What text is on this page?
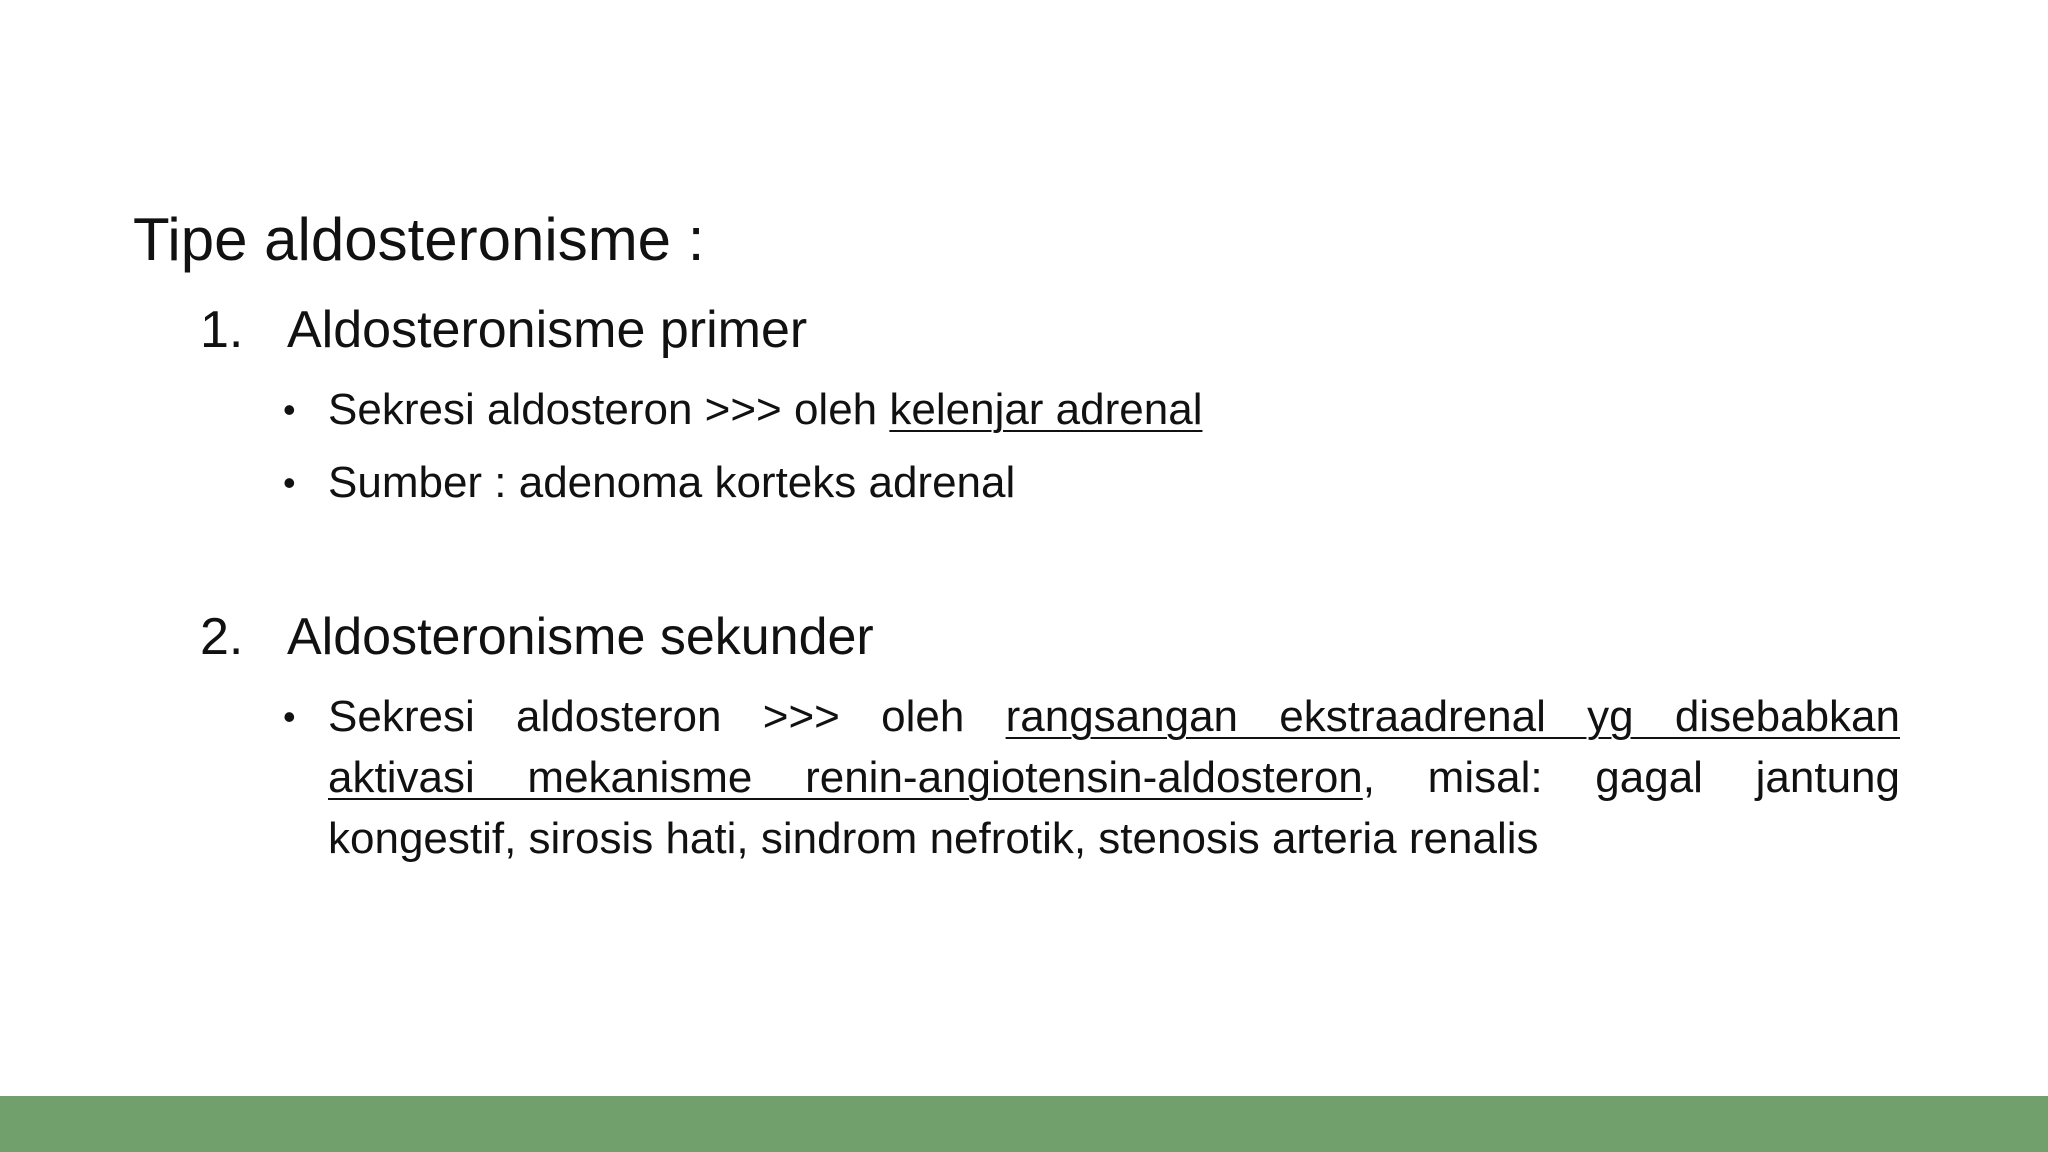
Tipe aldosteronisme :
1. Aldosteronisme primer
• Sekresi aldosteron >>> oleh kelenjar adrenal
• Sumber : adenoma korteks adrenal
2. Aldosteronisme sekunder
• Sekresi aldosteron >>> oleh rangsangan ekstraadrenal yg disebabkan
aktivasi mekanisme renin-angiotensin-aldosteron, misal: gagal jantung
kongestif, sirosis hati, sindrom nefrotik, stenosis arteria renalis
